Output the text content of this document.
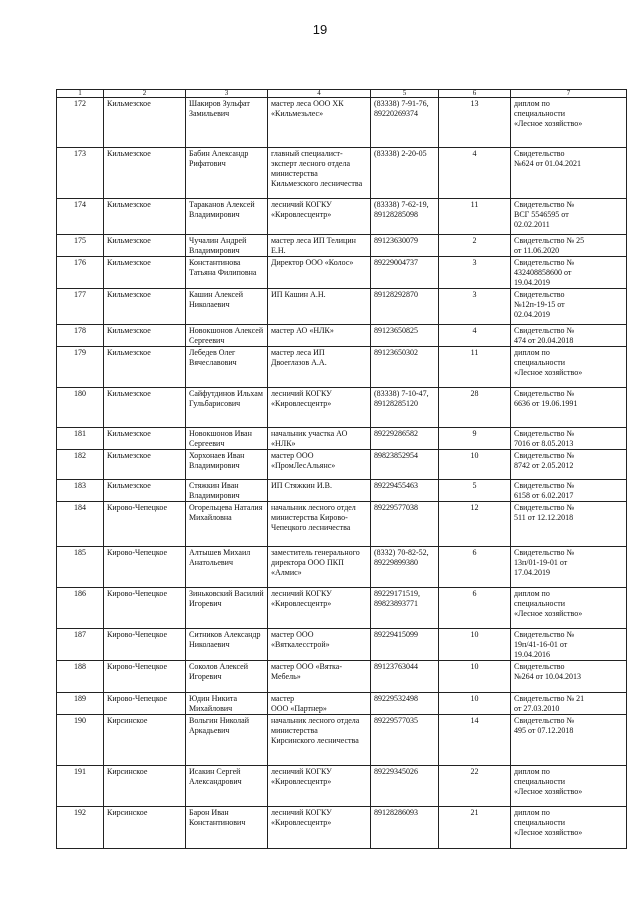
19
1	2	3	4	5	6	7
172	Кильмезское	Шакиров Зульфат
Замильевич	мастер леса ООО ХК
«Кильмезьлес»	(83338) 7-91-76,
89220269374	13	диплом по
специальности
«Лесное хозяйство»
173	Кильмезское	Бабин Александр
Рифатович	главный специалист-
эксперт лесного отдела
министерства
Кильмезского лесничества	(83338) 2-20-05	4	Свидетельство
№624 от 01.04.2021
174	Кильмезское	Тараканов Алексей
Владимирович	лесничий КОГКУ
«Кировлесцентр»	(83338) 7-62-19,
89128285098	11	Свидетельство №
ВСГ 5546595 от
02.02.2011
175	Кильмезское	Чучалин Андрей
Владимирович	мастер леса ИП Телицин
Е.Н.	89123630079	2	Свидетельство № 25
от 11.06.2020
176	Кильмезское	Константинова
Татьяна Филиповна	Директор ООО «Колос»	89229004737	3	Свидетельство №
432408858600 от
19.04.2019
177	Кильмезское	Кашин Алексей
Николаевич	ИП Кашин А.Н.	89128292870	3	Свидетельство
№12п-19-15 от
02.04.2019
178	Кильмезское	Новокшонов Алексей
Сергеевич	мастер АО «НЛК»	89123650825	4	Свидетельство №
474 от 20.04.2018
179	Кильмезское	Лебедев Олег
Вячеславович	мастер леса ИП
Двоеглазов А.А.	89123650302	11	диплом по
специальности
«Лесное хозяйство»
180	Кильмезское	Сайфутдинов Ильхам
Гульбарисович	лесничий КОГКУ
«Кировлесцентр»	(83338) 7-10-47,
89128285120	28	Свидетельство №
6636 от 19.06.1991
181	Кильмезское	Новокшонов Иван
Сергеевич	начальник участка АО
«НЛК»	89229286582	9	Свидетельство №
7016 от 8.05.2013
182	Кильмезское	Хорхонаев Иван
Владимирович	мастер ООО
«ПромЛесАльянс»	89823852954	10	Свидетельство №
8742 от 2.05.2012
183	Кильмезское	Стяжкин Иван
Владимирович	ИП Стяжкин И.В.	89229455463	5	Свидетельство №
6158 от 6.02.2017
184	Кирово-Чепецкое	Огорельцева Наталия
Михайловна	начальник лесного отдел
министерства Кирово-
Чепецкого лесничества	89229577038	12	Свидетельство №
511 от 12.12.2018
185	Кирово-Чепецкое	Алтышев Михаил
Анатольевич	заместитель генерального
директора ООО ПКП
«Алмис»	(8332) 70-82-52,
89229899380	6	Свидетельство №
13п/01-19-01 от
17.04.2019
186	Кирово-Чепецкое	Зиньковский Василий
Игоревич	лесничий КОГКУ
«Кировлесцентр»	89229171519,
89823893771	6	диплом по
специальности
«Лесное хозяйство»
187	Кирово-Чепецкое	Ситников Александр
Николаевич	мастер ООО
«Вяткалесстрой»	89229415099	10	Свидетельство №
19п/41-16-01 от
19.04.2016
188	Кирово-Чепецкое	Соколов Алексей
Игоревич	мастер ООО «Вятка-
Мебель»	89123763044	10	Свидетельство
№264 от 10.04.2013
189	Кирово-Чепецкое	Юдин Никита
Михайлович	мастер
ООО «Партнер»	89229532498	10	Свидетельство № 21
от 27.03.2010
190	Кирсинское	Вольгин Николай
Аркадьевич	начальник лесного отдела
министерства
Кирсинского лесничества	89229577035	14	Свидетельство №
495 от 07.12.2018
191	Кирсинское	Исакин Сергей
Александрович	лесничий КОГКУ
«Кировлесцентр»	89229345026	22	диплом по
специальности
«Лесное хозяйство»
192	Кирсинское	Барон Иван
Константинович	лесничий КОГКУ
«Кировлесцентр»	89128286093	21	диплом по
специальности
«Лесное хозяйство»
